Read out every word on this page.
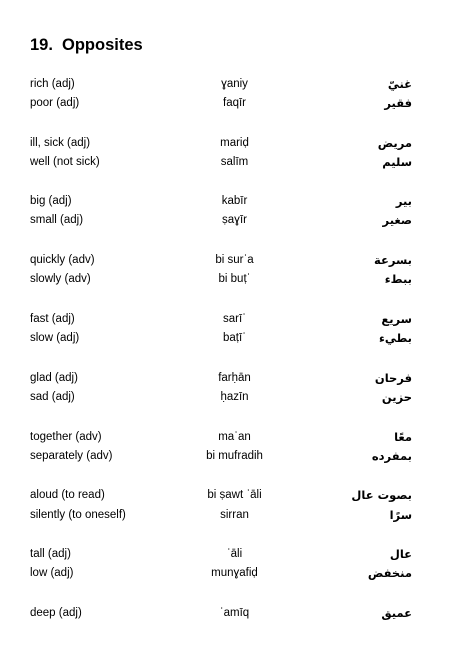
19. Opposites
rich (adj)	ɣaniy	غنيّ
poor (adj)	faqīr	فقير
ill, sick (adj)	mariḍ	مريض
well (not sick)	salīm	سليم
big (adj)	kabīr	بير
small (adj)	ṣaɣīr	صغير
quickly (adv)	bi surʿa	بسرعة
slowly (adv)	bi buṭʾ	ببطء
fast (adj)	sarīʿ	سريع
slow (adj)	baṭīʾ	بطيء
glad (adj)	farḥān	فرحان
sad (adj)	ḥazīn	حزين
together (adv)	maʿan	معًا
separately (adv)	bi mufradih	بمفرده
aloud (to read)	bi ṣawt ʿāli	بصوت عال
silently (to oneself)	sirran	سرًا
tall (adj)	ʿāli	عال
low (adj)	munɣafiḍ	منخفض
deep (adj)	ʿamīq	عميق
